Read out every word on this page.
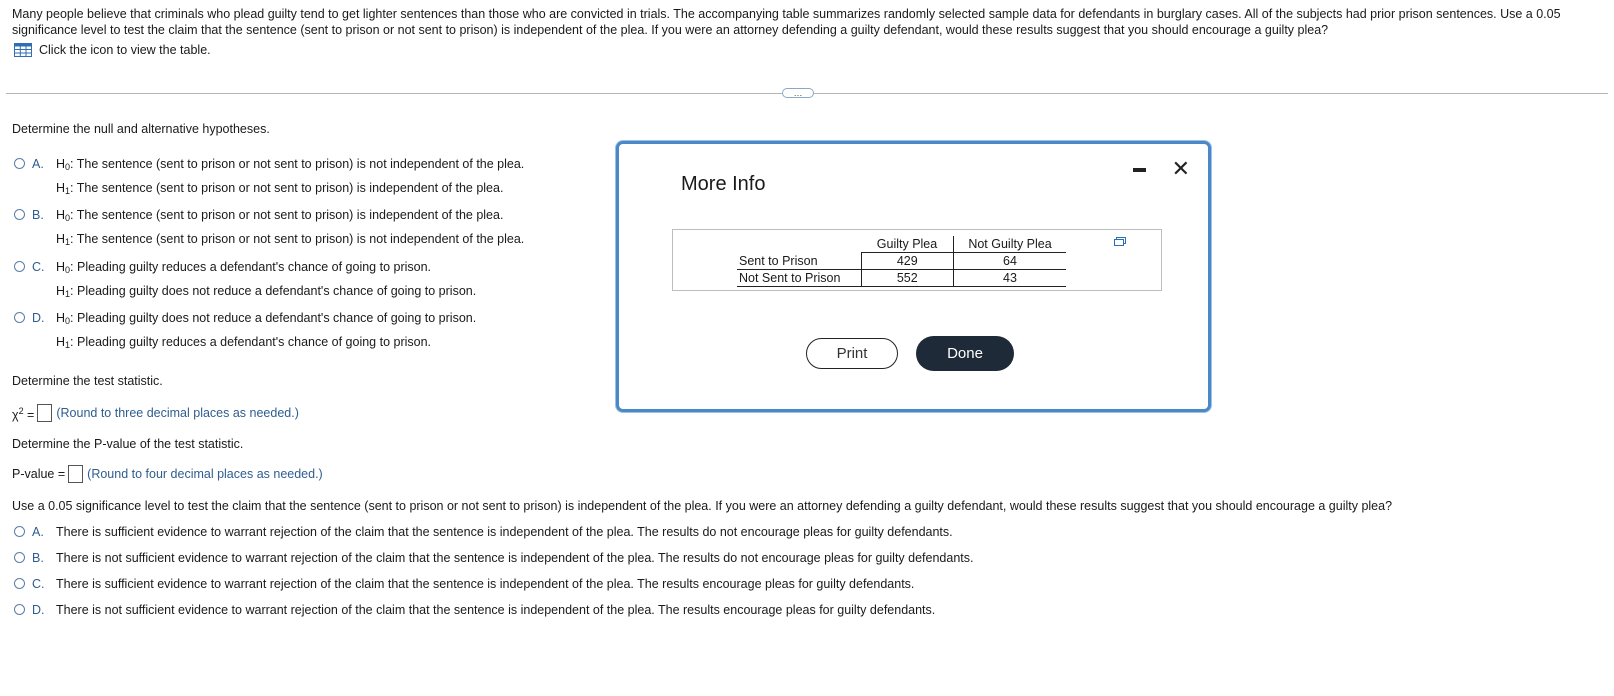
Many people believe that criminals who plead guilty tend to get lighter sentences than those who are convicted in trials. The accompanying table summarizes randomly selected sample data for defendants in burglary cases. All of the subjects had prior prison sentences. Use a 0.05 significance level to test the claim that the sentence (sent to prison or not sent to prison) is independent of the plea. If you were an attorney defending a guilty defendant, would these results suggest that you should encourage a guilty plea?
Click the icon to view the table.
…
Determine the null and alternative hypotheses.
A. $H_0$: The sentence (sent to prison or not sent to prison) is not independent of the plea.
$H_1$: The sentence (sent to prison or not sent to prison) is independent of the plea.
B. $H_0$: The sentence (sent to prison or not sent to prison) is independent of the plea.
$H_1$: The sentence (sent to prison or not sent to prison) is not independent of the plea.
C. $H_0$: Pleading guilty reduces a defendant's chance of going to prison.
$H_1$: Pleading guilty does not reduce a defendant's chance of going to prison.
D. $H_0$: Pleading guilty does not reduce a defendant's chance of going to prison.
$H_1$: Pleading guilty reduces a defendant's chance of going to prison.
Determine the test statistic.
$\chi^2$ = (Round to three decimal places as needed.)
Determine the P-value of the test statistic.
P-value = (Round to four decimal places as needed.)
Use a 0.05 significance level to test the claim that the sentence (sent to prison or not sent to prison) is independent of the plea. If you were an attorney defending a guilty defendant, would these results suggest that you should encourage a guilty plea?
A. There is sufficient evidence to warrant rejection of the claim that the sentence is independent of the plea. The results do not encourage pleas for guilty defendants.
B. There is not sufficient evidence to warrant rejection of the claim that the sentence is independent of the plea. The results do not encourage pleas for guilty defendants.
C. There is sufficient evidence to warrant rejection of the claim that the sentence is independent of the plea. The results encourage pleas for guilty defendants.
D. There is not sufficient evidence to warrant rejection of the claim that the sentence is independent of the plea. The results encourage pleas for guilty defendants.
More Info
✕
	Guilty Plea	Not Guilty Plea
Sent to Prison	429	64
Not Sent to Prison	552	43
Print	Done
